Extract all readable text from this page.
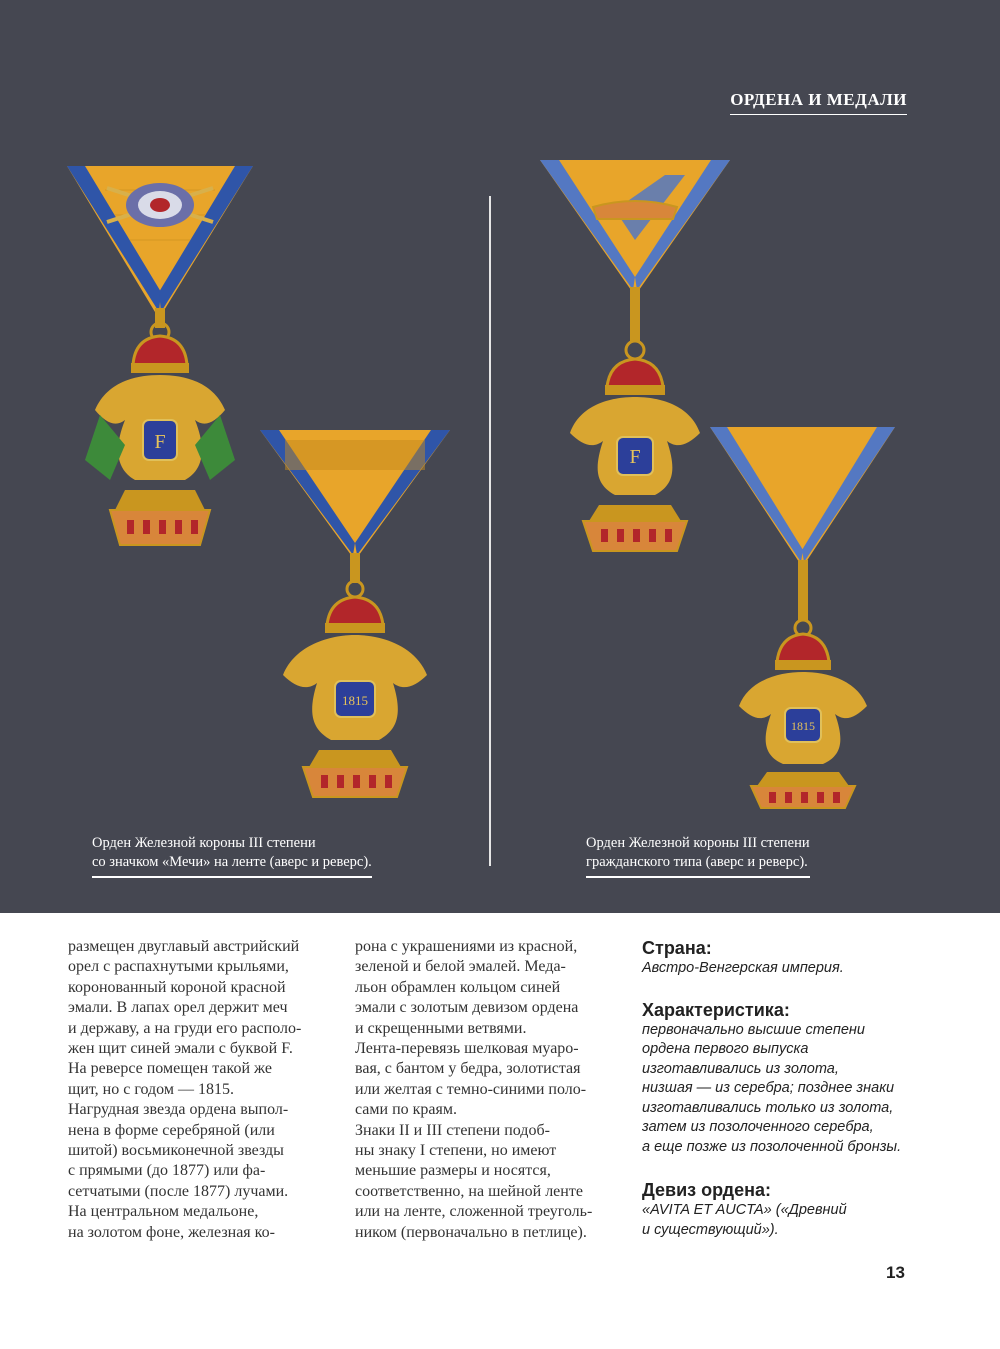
ОРДЕНА И МЕДАЛИ
F
1815
F
1815
Орден Железной короны III степени
со значком «Мечи» на ленте (аверс и реверс).
Орден Железной короны III степени
гражданского типа (аверс и реверс).
размещен двуглавый австрийский
орел с распахнутыми крыльями,
коронованный короной красной
эмали. В лапах орел держит меч
и державу, а на груди его располо-
жен щит синей эмали с буквой F.
На реверсе помещен такой же
щит, но с годом — 1815.
Нагрудная звезда ордена выпол-
нена в форме серебряной (или
шитой) восьмиконечной звезды
с прямыми (до 1877) или фа-
сетчатыми (после 1877) лучами.
На центральном медальоне,
на золотом фоне, железная ко-
рона с украшениями из красной,
зеленой и белой эмалей. Меда-
льон обрамлен кольцом синей
эмали с золотым девизом ордена
и скрещенными ветвями.
Лента-перевязь шелковая муаро-
вая, с бантом у бедра, золотистая
или желтая с темно-синими поло-
сами по краям.
Знаки II и III степени подоб-
ны знаку I степени, но имеют
меньшие размеры и носятся,
соответственно, на шейной ленте
или на ленте, сложенной треуголь-
ником (первоначально в петлице).
Страна:
Австро-Венгерская империя.
Характеристика:
первоначально высшие степени
ордена первого выпуска
изготавливались из золота,
низшая — из серебра; позднее знаки
изготавливались только из золота,
затем из позолоченного серебра,
а еще позже из позолоченной бронзы.
Девиз ордена:
«AVITA ET AUCTA» («Древний
и существующий»).
13
